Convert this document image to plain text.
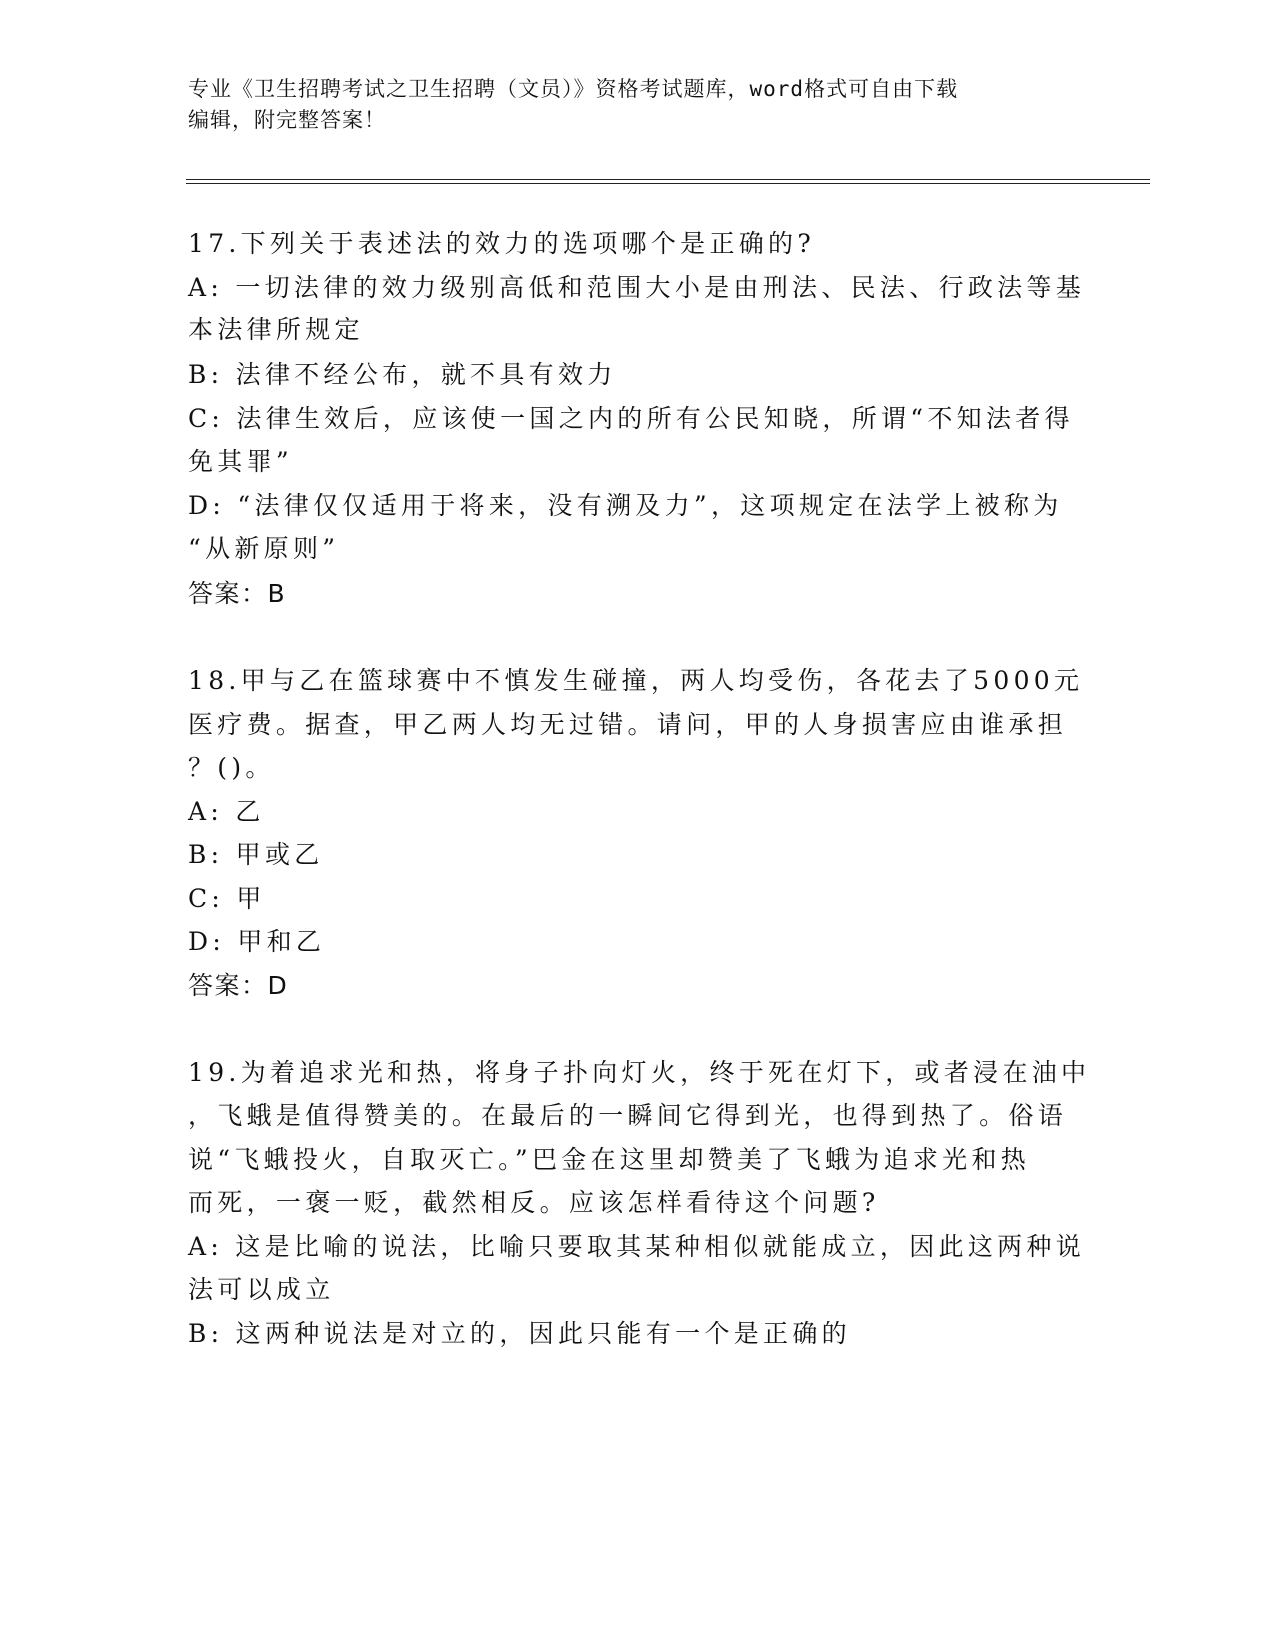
专业《卫生招聘考试之卫生招聘（文员）》资格考试题库，word格式可自由下载
编辑，附完整答案！
17.下列关于表述法的效力的选项哪个是正确的?
A: 一切法律的效力级别高低和范围大小是由刑法、民法、行政法等基
本法律所规定
B: 法律不经公布，就不具有效力
C: 法律生效后，应该使一国之内的所有公民知晓，所谓“不知法者得
免其罪”
D: “法律仅仅适用于将来，没有溯及力”，这项规定在法学上被称为
“从新原则”
答案：B
18.甲与乙在篮球赛中不慎发生碰撞，两人均受伤，各花去了5000元
医疗费。据查，甲乙两人均无过错。请问，甲的人身损害应由谁承担
？()。
A: 乙
B: 甲或乙
C: 甲
D: 甲和乙
答案：D
19.为着追求光和热，将身子扑向灯火，终于死在灯下，或者浸在油中
，飞蛾是值得赞美的。在最后的一瞬间它得到光，也得到热了。俗语
说“飞蛾投火，自取灭亡。”巴金在这里却赞美了飞蛾为追求光和热
而死，一褒一贬，截然相反。应该怎样看待这个问题?
A: 这是比喻的说法，比喻只要取其某种相似就能成立，因此这两种说
法可以成立
B: 这两种说法是对立的，因此只能有一个是正确的
